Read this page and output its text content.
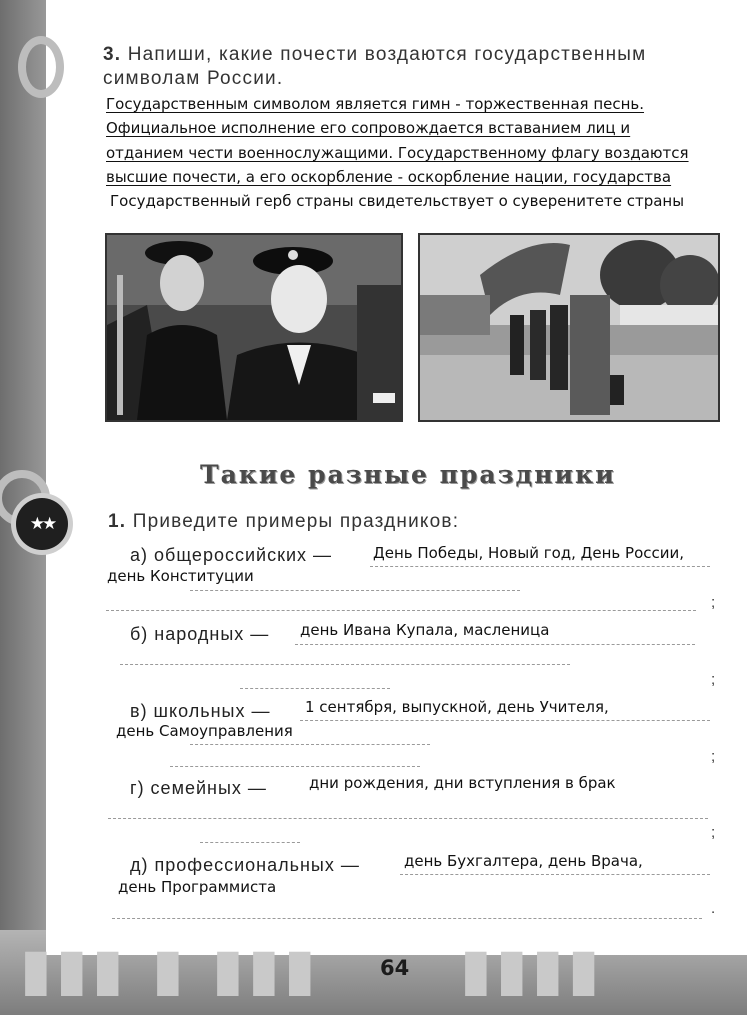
3. Напиши, какие почести воздаются государственным
символам России.
Государственным символом является гимн - торжественная песнь.
Официальное исполнение его сопровождается вставанием лиц и
отданием чести военнослужащими. Государственному флагу воздаются
высшие почести, а его оскорбление - оскорбление нации, государства
Государственный герб страны свидетельствует о суверенитете страны
Такие разные праздники
★★	1. Приведите примеры праздников:
а) общероссийских —	День Победы, Новый год, День России,
день Конституции
;
б) народных — день Ивана Купала, масленица
;
в) школьных — 1 сентября, выпускной, день Учителя,
день Самоуправления
;
г) семейных —	дни рождения, дни вступления в брак
;
д) профессиональных —	день Бухгалтера, день Врача,
день Программиста
.
▮▮▮ ▮ ▮▮▮ ▮▮▮▮
64
